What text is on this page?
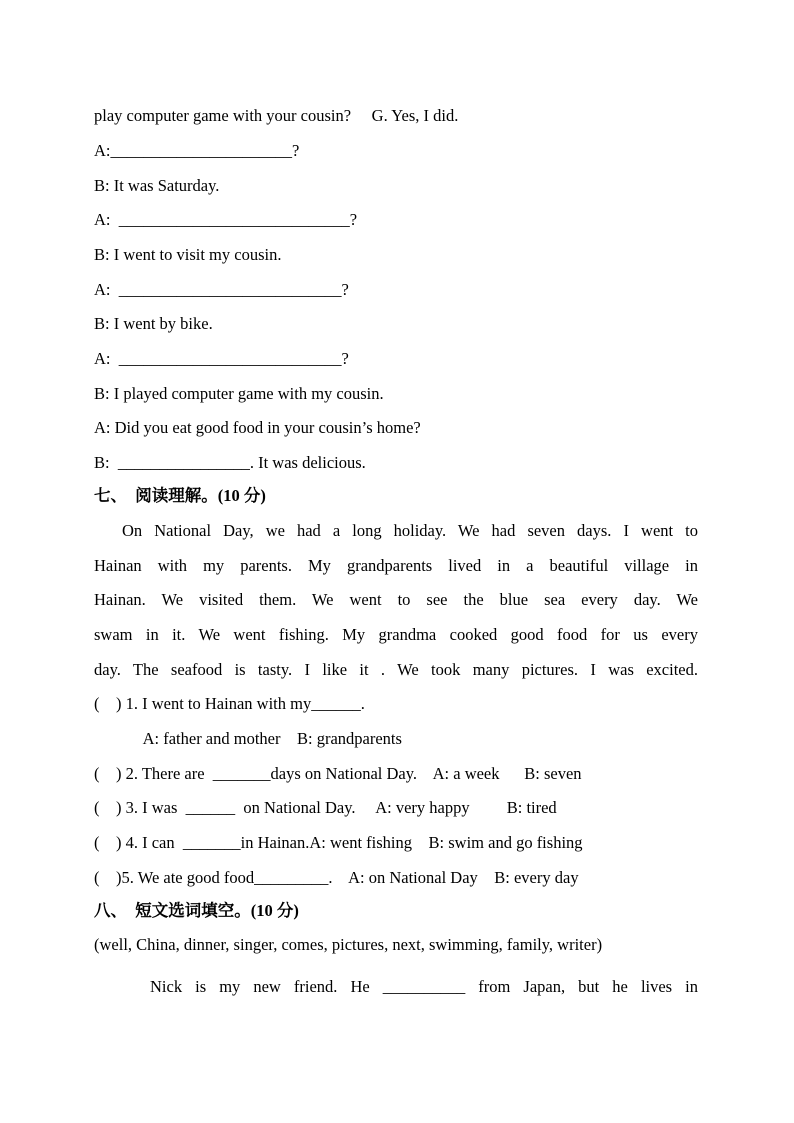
play computer game with your cousin?     G. Yes, I did.
A:______________________?
B: It was Saturday.
A:  ____________________________?
B: I went to visit my cousin.
A:  ___________________________?
B: I went by bike.
A:  ___________________________?
B: I played computer game with my cousin.
A: Did you eat good food in your cousin’s home?
B:  ________________. It was delicious.
七、  阅读理解。(10 分)
On National Day, we had a long holiday. We had seven days. I went to
Hainan with my parents. My grandparents lived in a beautiful village in
Hainan. We visited them. We went to see the blue sea every day. We
swam in it. We went fishing. My grandma cooked good food for us every
day. The seafood is tasty. I like it . We took many pictures. I was excited.
(    ) 1. I went to Hainan with my______.
A: father and mother    B: grandparents
(    ) 2. There are  _______days on National Day.    A: a week      B: seven
(    ) 3. I was  ______  on National Day.     A: very happy         B: tired
(    ) 4. I can  _______in Hainan.A: went fishing    B: swim and go fishing
(    )5. We ate good food_________.    A: on National Day    B: every day
八、  短文选词填空。(10 分)
(well, China, dinner, singer, comes, pictures, next, swimming, family, writer)
Nick is my new friend. He __________ from Japan, but he lives in
